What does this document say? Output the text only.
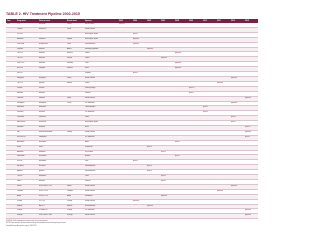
TABLE 2. HIV Treatment Pipeline 2002-2015
Year	Drug name	Generic name	Brand name	Sponsor	2002	2004	2005	2006	2008	2009	2010	2011	2013	2015
2002	T-20	enfuvirtide	Fuzeon	Roche/Trimeris	approved									
	Tenofovir	tenofovir DF	Viread	Gilead Sciences										
	DPC-083			Bristol-Myers Squibb		phase II								
	Atazanavir	atazanavir	Reyataz	Bristol-Myers Squibb		approved								
	GW433908	fosamprenavir	Lexiva	GlaxoSmithKline		approved								
	Tipranavir	tipranavir	Aptivus	Boehringer Ingelheim			approved							
	TMC-125	etravirine	Intelence	Tibotec					approved					
	TMC-114	darunavir	Prezista	Tibotec				approved						
	UK-427,857	maraviroc	Selzentry	Pfizer					approved					
	MK-0518	raltegravir	Isentress	Merck					approved					
	PRO 542			Progenics		phase II								
	Elvitegravir	elvitegravir	Vitekta	Gilead Sciences									approved	
	TMC-278	rilpivirine	Edurant	Tibotec								approved		
	Vicriviroc	vicriviroc		Schering-Plough						phase III				
	Bevirimat	bevirimat		Panacos						phase II				
	Cobicistat	cobicistat	Tybost	Gilead Sciences										approved
	Dolutegravir	dolutegravir	Tivicay	ViiV Healthcare									approved	
	Ibalizumab	ibalizumab		TaiMed Biologics							phase II			
	Lersivirine	lersivirine		ViiV Healthcare							phase II			
	Cenicriviroc	cenicriviroc		Tobira									phase II	
	BMS-663068	fostemsavir		Bristol-Myers Squibb									phase II	
	Doravirine	doravirine		Merck										phase III
	TAF	tenofovir alafenamide	Vemlidy	Gilead Sciences										approved
	GSK1265744	cabotegravir		ViiV Healthcare										phase II
	Apricitabine	apricitabine		Avexa					phase II					
	Racivir	racivir		Pharmasset			phase II							
	Amdoxovir	amdoxovir		RFS Pharma				phase II						
	Elvucitabine	elvucitabine		Achillion					phase II					
	SPD754	apricitabine		Shire		phase II								
	Brecanavir	brecanavir		GlaxoSmithKline			phase II							
	Aplaviroc	aplaviroc		GlaxoSmithKline			phase II							
	TNX-355	ibalizumab		Tanox				phase II						
	PA-457	bevirimat		Panacos				phase II						
	Stribild	EVG/COBI/FTC/TDF	Stribild	Gilead Sciences									approved	
	Complera	RPV/FTC/TDF	Complera	Gilead Sciences								approved		
	Atripla	EFV/FTC/TDF	Atripla	Gilead/BMS				approved						
	Truvada	FTC/TDF	Truvada	Gilead Sciences		approved								
	Epzicom	ABC/3TC	Epzicom	GlaxoSmithKline			approved							
	Triumeq	DTG/ABC/3TC	Triumeq	ViiV Healthcare										approved
	Genvoya	EVG/COBI/FTC/TAF	Genvoya	Gilead Sciences										approved
SOURCE: FDA, company press releases and clinical trial registries.
NOTE: Phase indicates the most advanced stage of development reached during the year shown.
Compiled from public pipeline reports, 2002-2015.
